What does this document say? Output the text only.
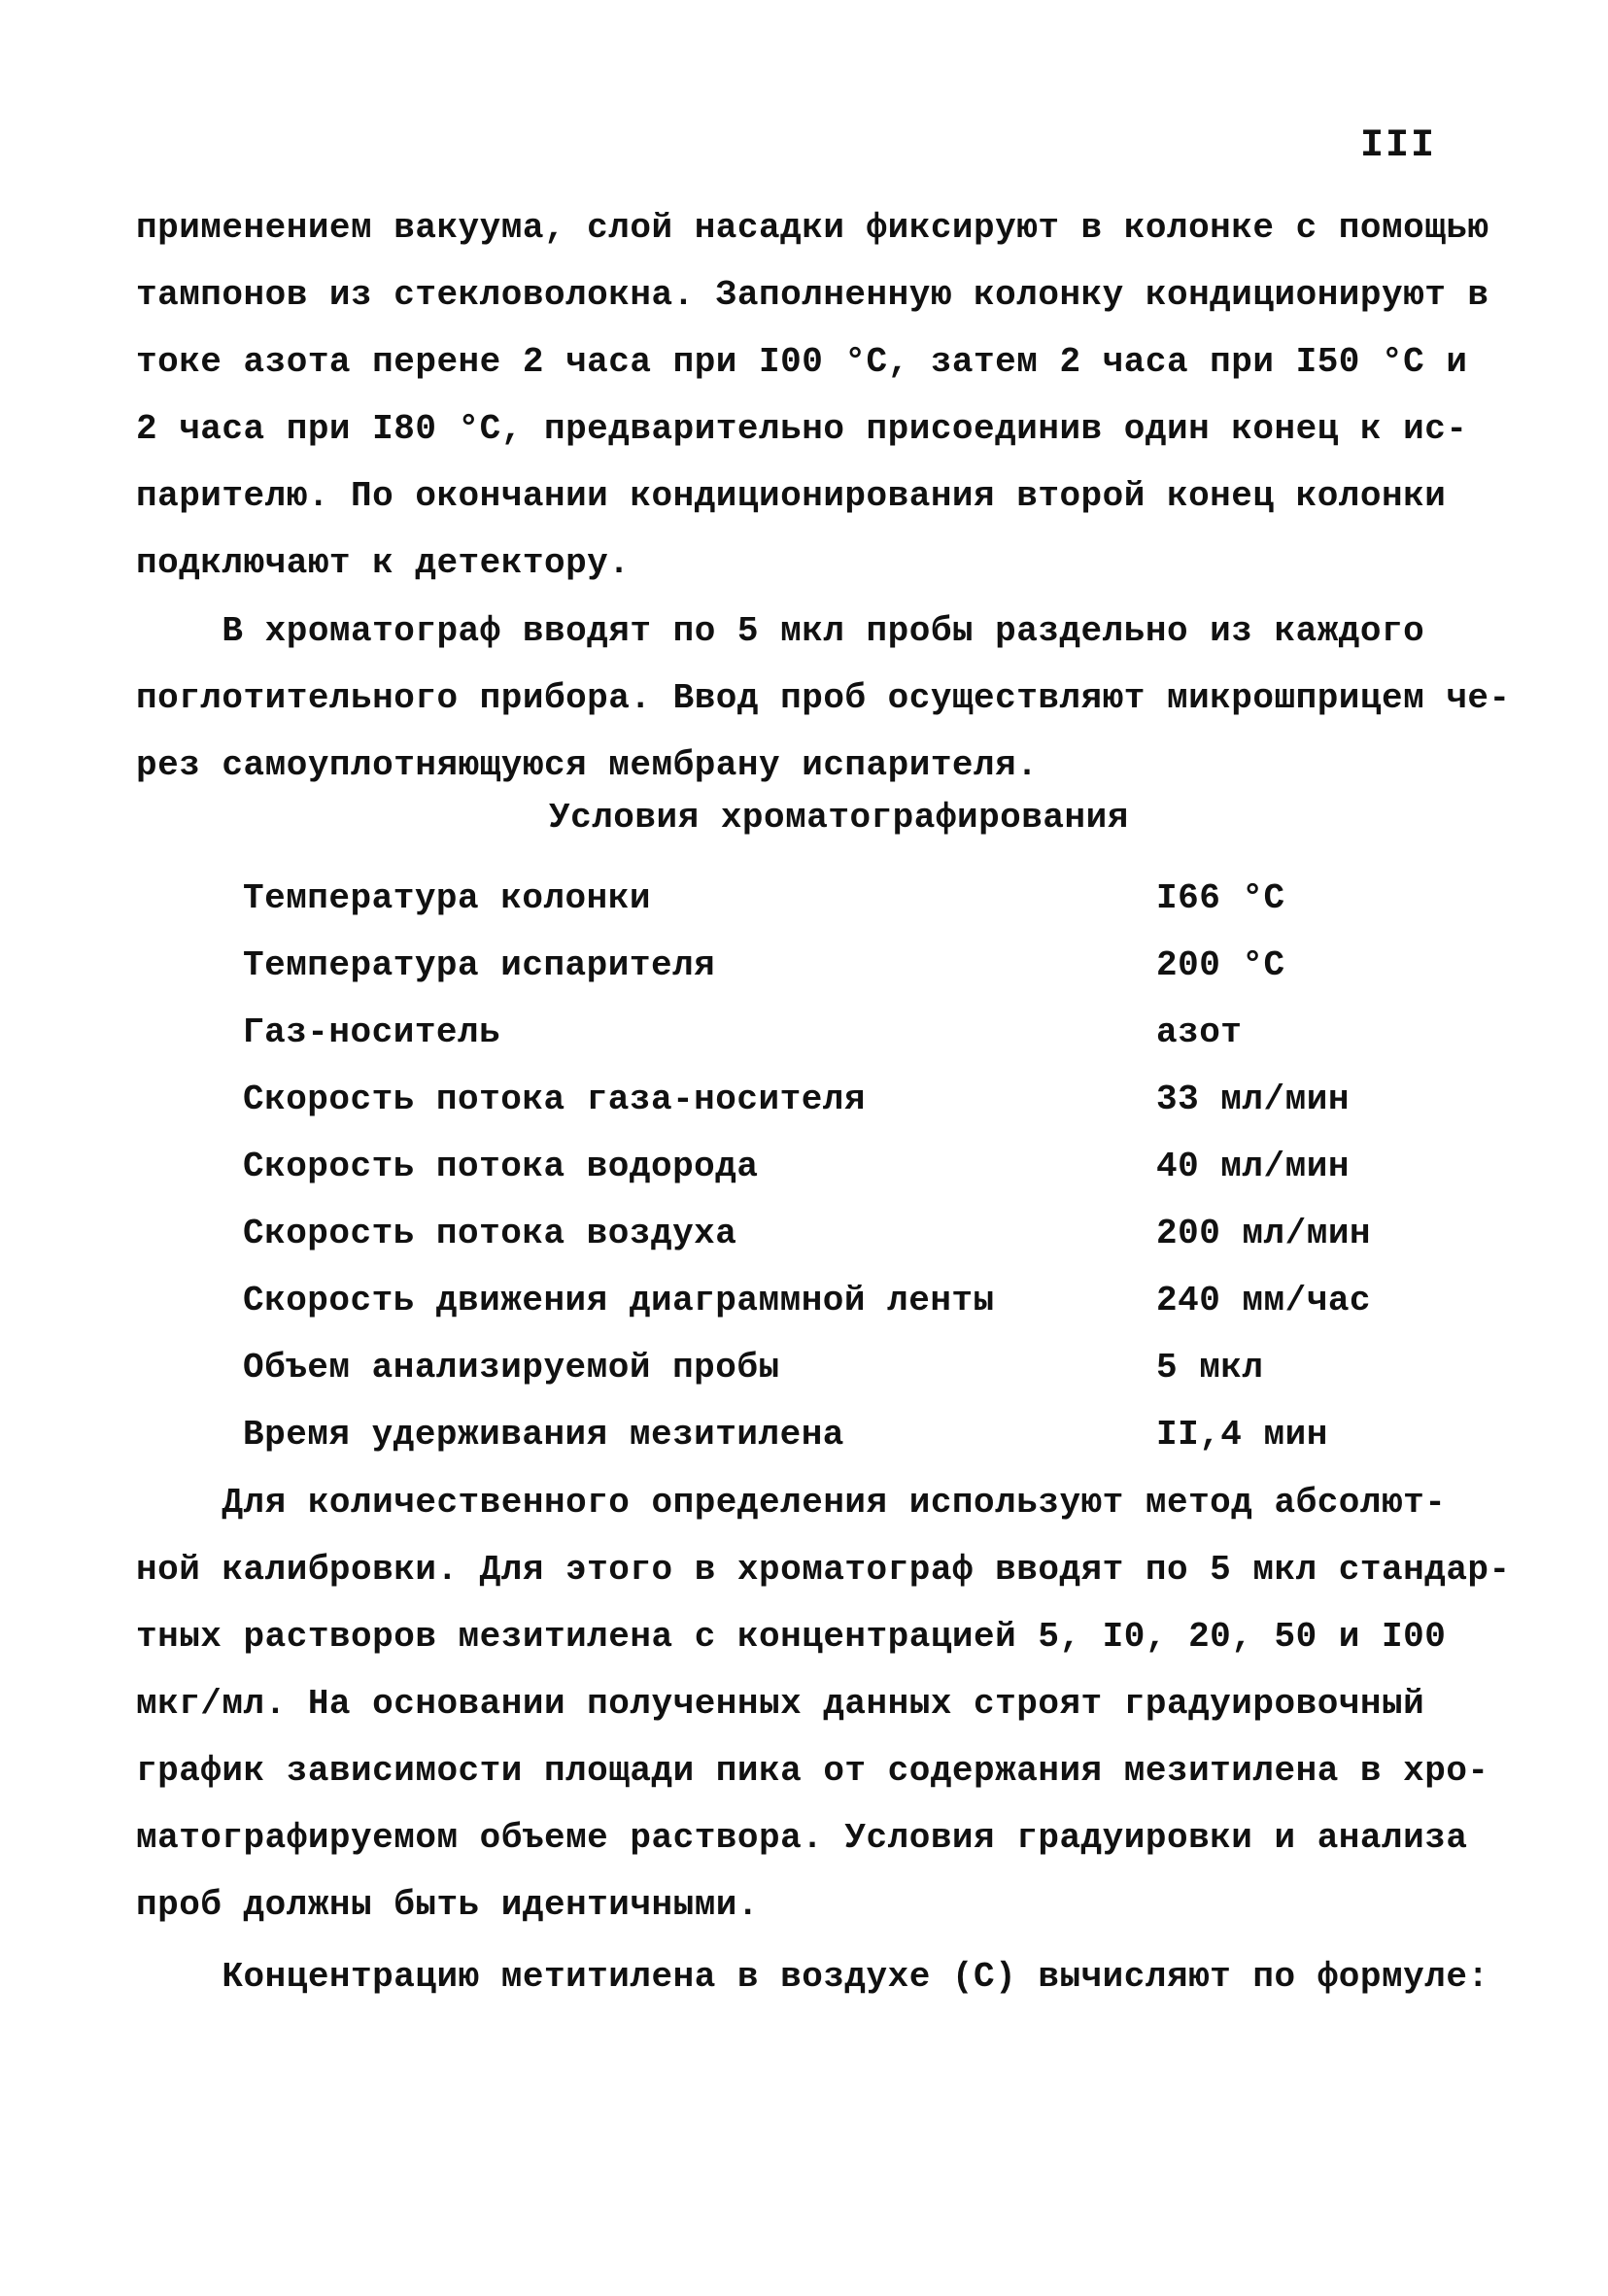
III
применением вакуума, слой насадки фиксируют в колонке с помощью
тампонов из стекловолокна. Заполненную колонку кондиционируют в
токе азота перене 2 часа при I00 °С, затем 2 часа при I50 °С и
2 часа при I80 °С, предварительно присоединив один конец к ис-
парителю. По окончании кондиционирования второй конец колонки
подключают к детектору.
В хроматограф вводят по 5 мкл пробы раздельно из каждого
поглотительного прибора. Ввод проб осуществляют микрошприцем че-
рез самоуплотняющуюся мембрану испарителя.
Условия хроматографирования
Температура колонки	I66 °С
Температура испарителя	200 °С
Газ-носитель	азот
Скорость потока газа-носителя	33 мл/мин
Скорость потока водорода	40 мл/мин
Скорость потока воздуха	200 мл/мин
Скорость движения диаграммной ленты	240 мм/час
Объем анализируемой пробы	5 мкл
Время удерживания мезитилена	II,4 мин
Для количественного определения используют метод абсолют-
ной калибровки. Для этого в хроматограф вводят по 5 мкл стандар-
тных растворов мезитилена с концентрацией 5, I0, 20, 50 и I00
мкг/мл. На основании полученных данных строят градуировочный
график зависимости площади пика от содержания мезитилена в хро-
матографируемом объеме раствора. Условия градуировки и анализа
проб должны быть идентичными.
Концентрацию метитилена в воздухе (С) вычисляют по формуле:
